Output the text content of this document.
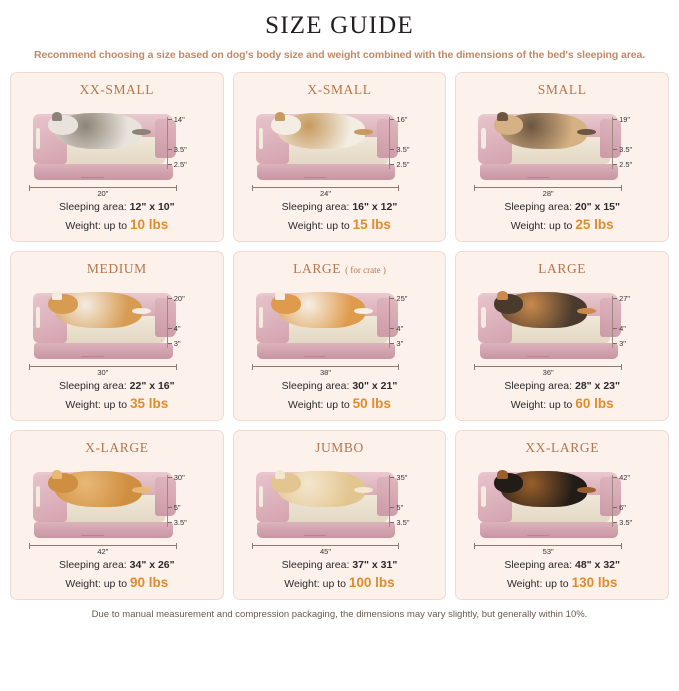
SIZE GUIDE
Recommend choosing a size based on dog's body size and weight combined with the dimensions of the bed's sleeping area.
XX-SMALL
14"
3.5"
2.5"
20"
Sleeping area: 12" x 10"
Weight: up to 10 lbs
X-SMALL
16"
3.5"
2.5"
24"
Sleeping area: 16" x 12"
Weight: up to 15 lbs
SMALL
19"
3.5"
2.5"
28"
Sleeping area: 20" x 15"
Weight: up to 25 lbs
MEDIUM
20"
4"
3"
30"
Sleeping area: 22" x 16"
Weight: up to 35 lbs
LARGE ( for crate )
25"
4"
3"
38"
Sleeping area: 30" x 21"
Weight: up to 50 lbs
LARGE
27"
4"
3"
36"
Sleeping area: 28" x 23"
Weight: up to 60 lbs
X-LARGE
30"
5"
3.5"
42"
Sleeping area: 34" x 26"
Weight: up to 90 lbs
JUMBO
35"
5"
3.5"
45"
Sleeping area: 37" x 31"
Weight: up to 100 lbs
XX-LARGE
42"
6"
3.5"
53"
Sleeping area: 48" x 32"
Weight: up to 130 lbs
Due to manual measurement and compression packaging, the dimensions may vary slightly, but generally within 10%.
